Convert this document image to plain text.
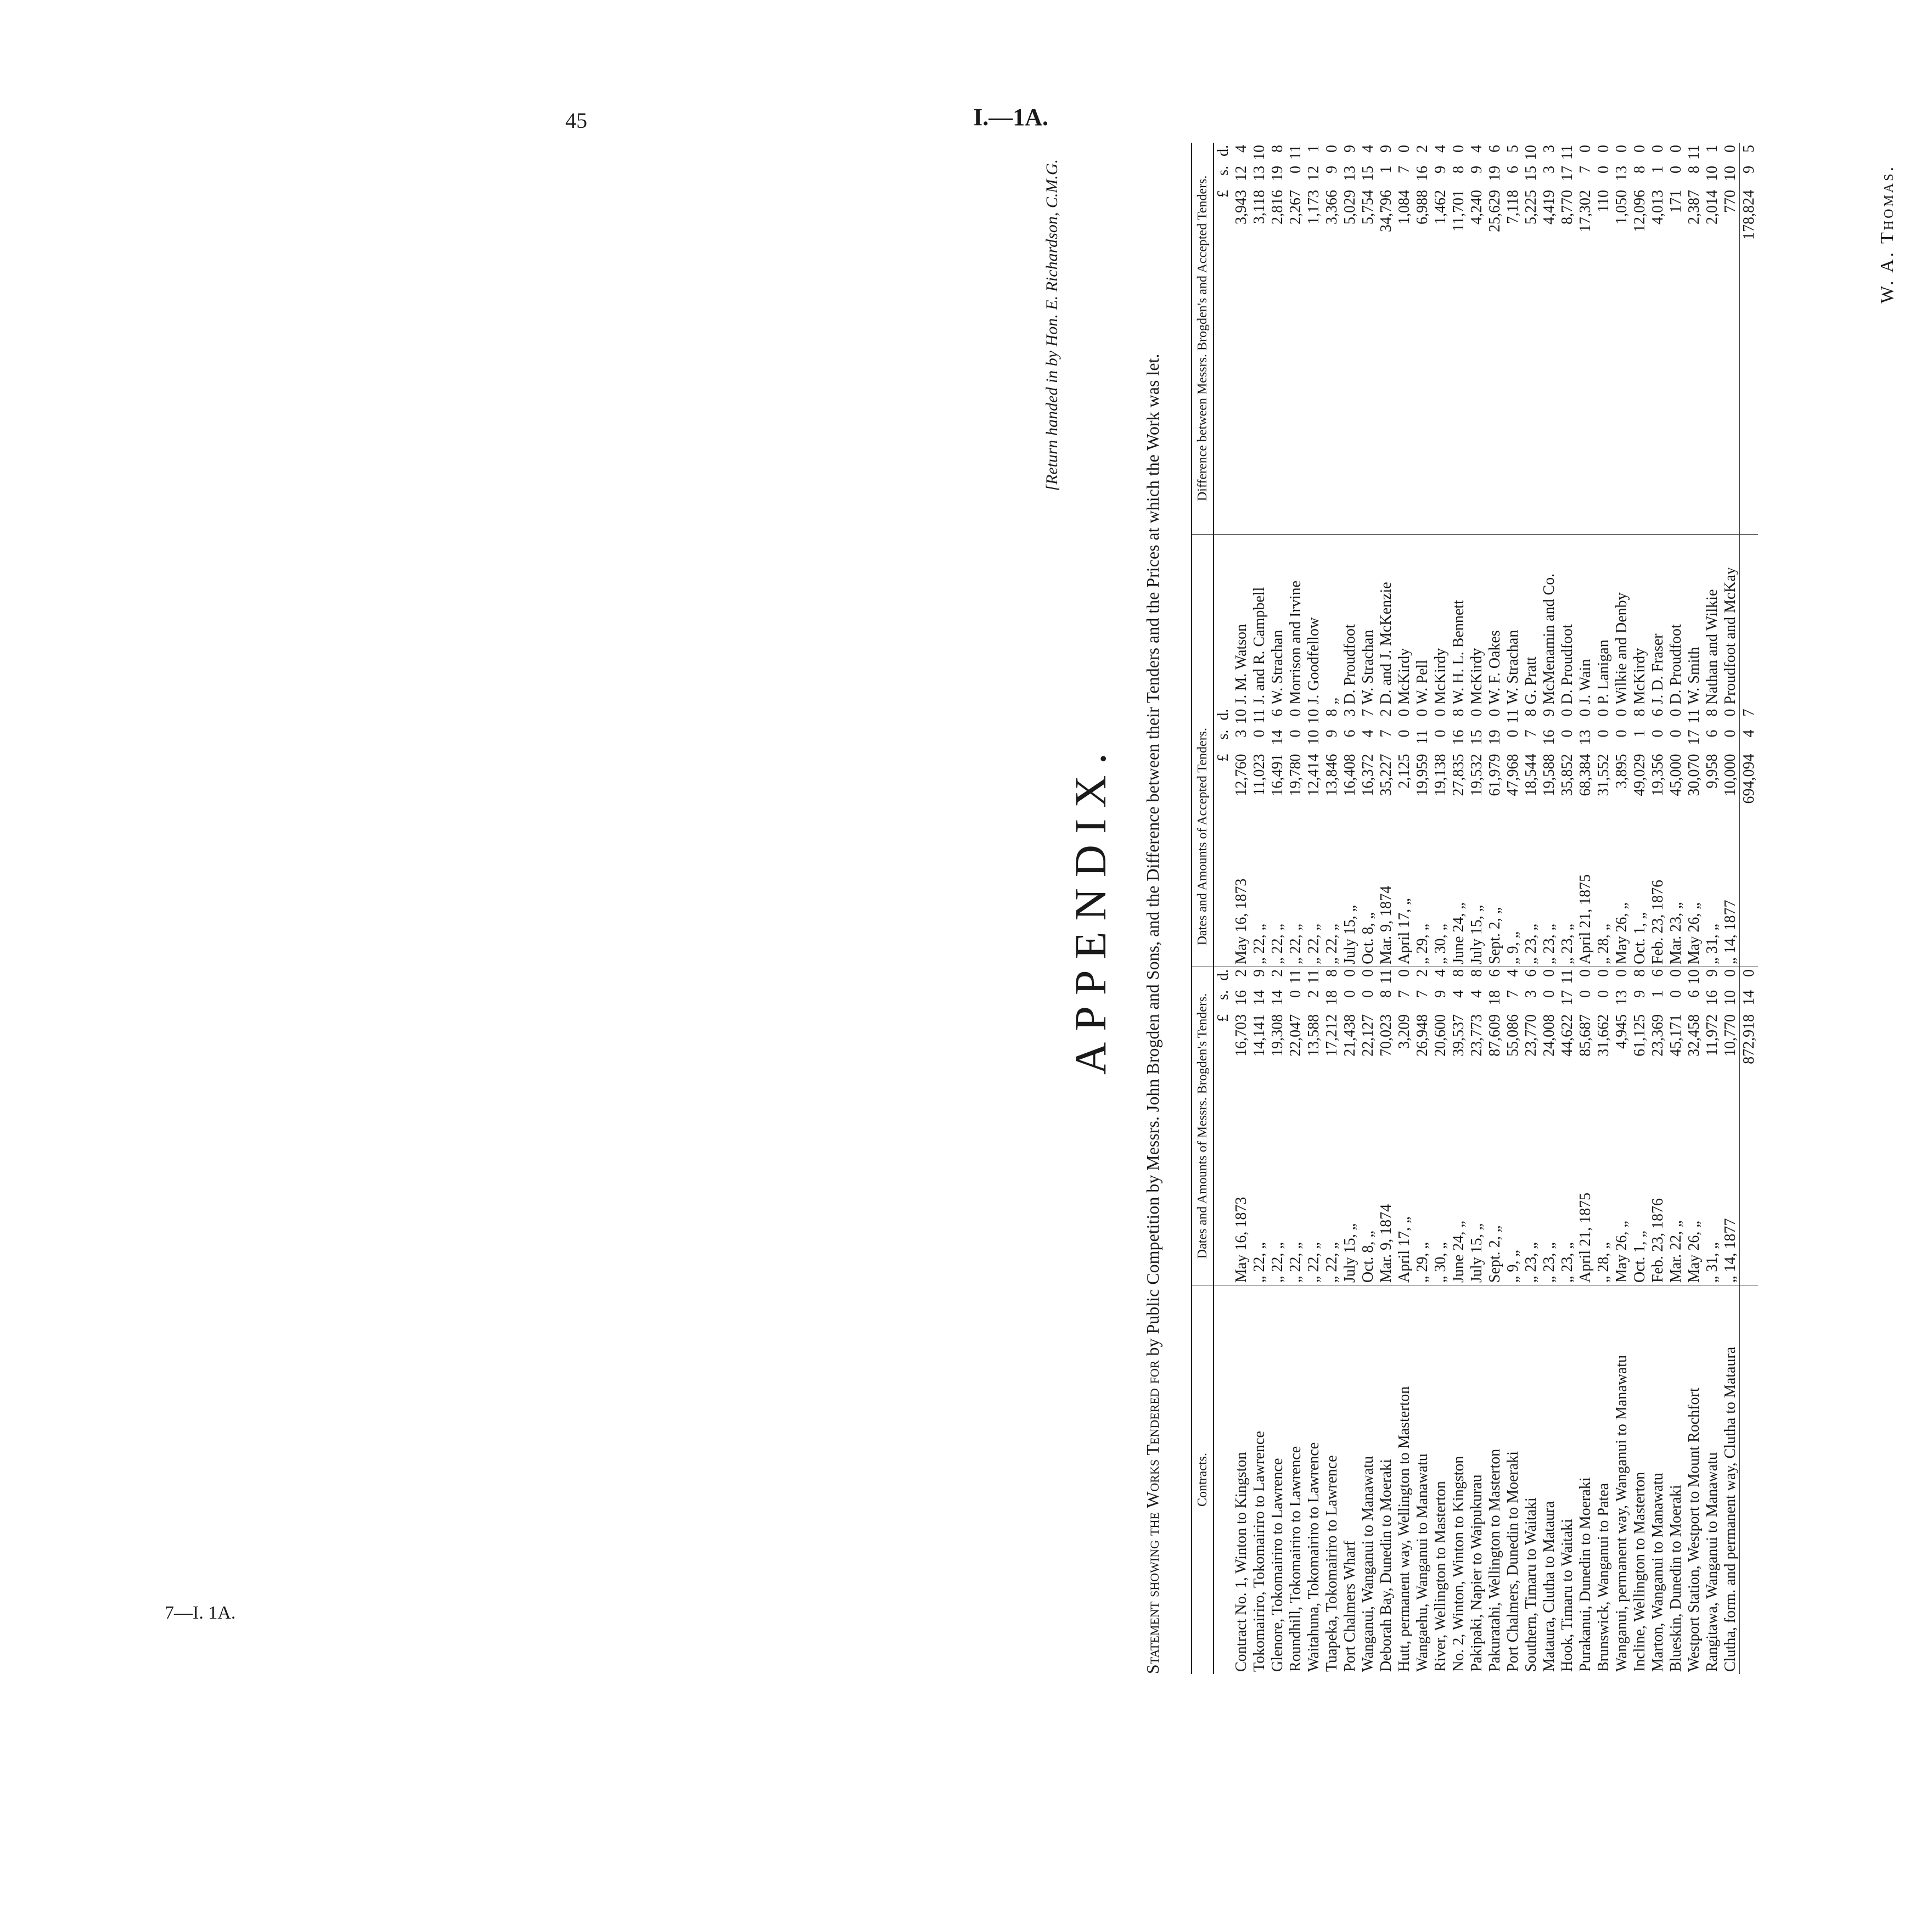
45	I.—1A.
7—I. 1A.
APPENDIX.
[Return handed in by Hon. E. Richardson, C.M.G.
Statement showing the Works Tendered for by Public Competition by Messrs. John Brogden and Sons, and the Difference between their Tenders and the Prices at which the Work was let.
Contracts.	Dates and Amounts of Messrs. Brogden's Tenders.				Dates and Amounts of Accepted Tenders.					Difference between Messrs. Brogden's and Accepted Tenders.		
		£	s.	d.		£	s.	d.		£	s.	d.
Contract No. 1, Winton to Kingston	May 16, 1873	16,703	16	2	May 16, 1873	12,760	3	10	J. M. Watson	3,943	12	4
Tokomairiro, Tokomairiro to Lawrence	„ 22, „	14,141	14	9	„ 22, „	11,023	0	11	J. and R. Campbell	3,118	13	10
Glenore, Tokomairiro to Lawrence	„ 22, „	19,308	14	2	„ 22, „	16,491	14	6	W. Strachan	2,816	19	8
Roundhill, Tokomairiro to Lawrence	„ 22, „	22,047	0	11	„ 22, „	19,780	0	0	Morrison and Irvine	2,267	0	11
Waitahuna, Tokomairiro to Lawrence	„ 22, „	13,588	2	11	„ 22, „	12,414	10	10	J. Goodfellow	1,173	12	1
Tuapeka, Tokomairiro to Lawrence	„ 22, „	17,212	18	8	„ 22, „	13,846	9	8	„	3,366	9	0
Port Chalmers Wharf	July 15, „	21,438	0	0	July 15, „	16,408	6	3	D. Proudfoot	5,029	13	9
Wanganui, Wanganui to Manawatu	Oct. 8, „	22,127	0	0	Oct. 8, „	16,372	4	7	W. Strachan	5,754	15	4
Deborah Bay, Dunedin to Moeraki	Mar. 9, 1874	70,023	8	11	Mar. 9, 1874	35,227	7	2	D. and J. McKenzie	34,796	1	9
Hutt, permanent way, Wellington to Masterton	April 17, „	3,209	7	0	April 17, „	2,125	0	0	McKirdy	1,084	7	0
Wangaehu, Wanganui to Manawatu	„ 29, „	26,948	7	2	„ 29, „	19,959	11	0	W. Pell	6,988	16	2
River, Wellington to Masterton	„ 30, „	20,600	9	4	„ 30, „	19,138	0	0	McKirdy	1,462	9	4
No. 2, Winton, Winton to Kingston	June 24, „	39,537	4	8	June 24, „	27,835	16	8	W. H. L. Bennett	11,701	8	0
Pakipaki, Napier to Waipukurau	July 15, „	23,773	4	8	July 15, „	19,532	15	0	McKirdy	4,240	9	4
Pakuratahi, Wellington to Masterton	Sept. 2, „	87,609	18	6	Sept. 2, „	61,979	19	0	W. F. Oakes	25,629	19	6
Port Chalmers, Dunedin to Moeraki	„ 9, „	55,086	7	4	„ 9, „	47,968	0	11	W. Strachan	7,118	6	5
Southern, Timaru to Waitaki	„ 23, „	23,770	3	6	„ 23, „	18,544	7	8	G. Pratt	5,225	15	10
Mataura, Clutha to Mataura	„ 23, „	24,008	0	0	„ 23, „	19,588	16	9	McMenamin and Co.	4,419	3	3
Hook, Timaru to Waitaki	„ 23, „	44,622	17	11	„ 23, „	35,852	0	0	D. Proudfoot	8,770	17	11
Purakanui, Dunedin to Moeraki	April 21, 1875	85,687	0	0	April 21, 1875	68,384	13	0	J. Wain	17,302	7	0
Brunswick, Wanganui to Patea	„ 28, „	31,662	0	0	„ 28, „	31,552	0	0	P. Lanigan	110	0	0
Wanganui, permanent way, Wanganui to Manawatu	May 26, „	4,945	13	0	May 26, „	3,895	0	0	Wilkie and Denby	1,050	13	0
Incline, Wellington to Masterton	Oct. 1, „	61,125	9	8	Oct. 1, „	49,029	1	8	McKirdy	12,096	8	0
Marton, Wanganui to Manawatu	Feb. 23, 1876	23,369	1	6	Feb. 23, 1876	19,356	0	6	J. D. Fraser	4,013	1	0
Blueskin, Dunedin to Moeraki	Mar. 22, „	45,171	0	0	Mar. 23, „	45,000	0	0	D. Proudfoot	171	0	0
Westport Station, Westport to Mount Rochfort	May 26, „	32,458	6	10	May 26, „	30,070	17	11	W. Smith	2,387	8	11
Rangitawa, Wanganui to Manawatu	„ 31, „	11,972	16	9	„ 31, „	9,958	6	8	Nathan and Wilkie	2,014	10	1
Clutha, form. and permanent way, Clutha to Mataura	„ 14, 1877	10,770	10	0	„ 14, 1877	10,000	0	0	Proudfoot and McKay	770	10	0
		872,918	14	0		694,094	4	7		178,824	9	5
W. A. Thomas.
